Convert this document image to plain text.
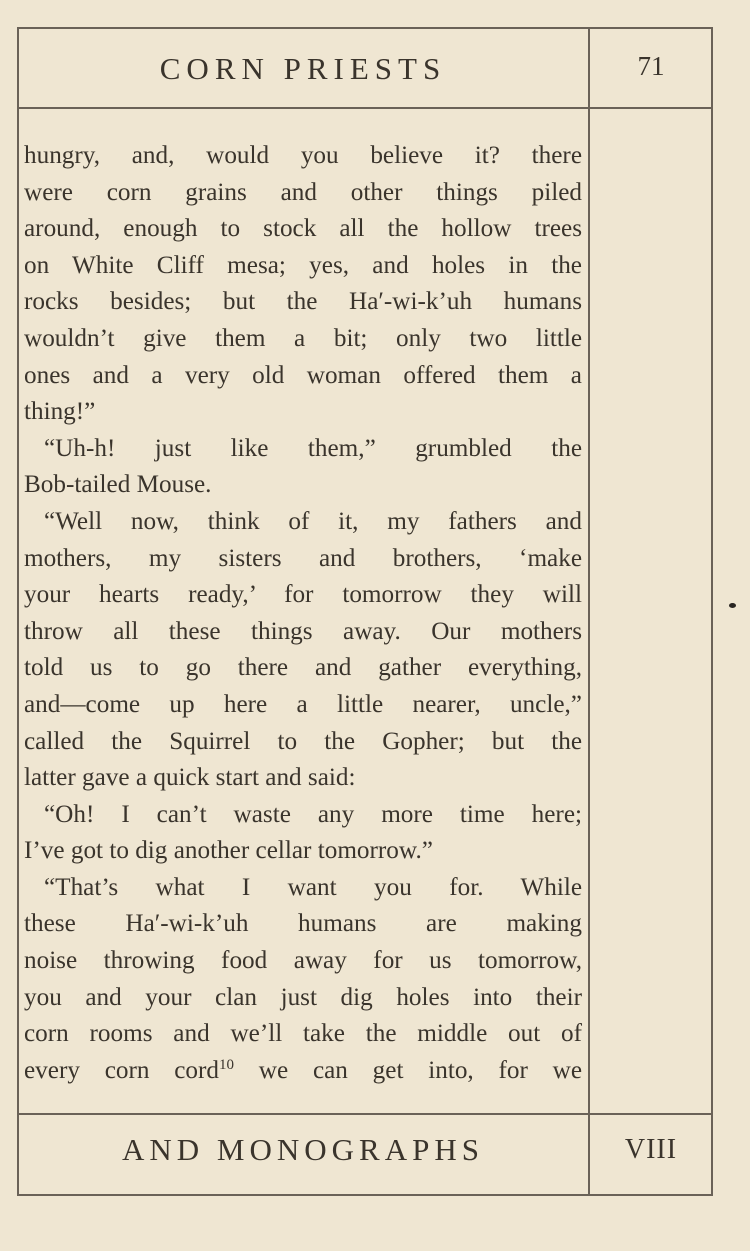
CORN PRIESTS	71
hungry, and, would you believe it? there
were corn grains and other things piled
around, enough to stock all the hollow trees
on White Cliff mesa; yes, and holes in the
rocks besides; but the Ha′-wi-k’uh humans
wouldn’t give them a bit; only two little
ones and a very old woman offered them a
thing!”
“Uh-h! just like them,” grumbled the
Bob-tailed Mouse.
“Well now, think of it, my fathers and
mothers, my sisters and brothers, ‘make
your hearts ready,’ for tomorrow they will
throw all these things away. Our mothers
told us to go there and gather everything,
and—come up here a little nearer, uncle,”
called the Squirrel to the Gopher; but the
latter gave a quick start and said:
“Oh! I can’t waste any more time here;
I’ve got to dig another cellar tomorrow.”
“That’s what I want you for. While
these Ha′-wi-k’uh humans are making
noise throwing food away for us tomorrow,
you and your clan just dig holes into their
corn rooms and we’ll take the middle out of
every corn cord$^{10}$ we can get into, for we
AND MONOGRAPHS	VIII
